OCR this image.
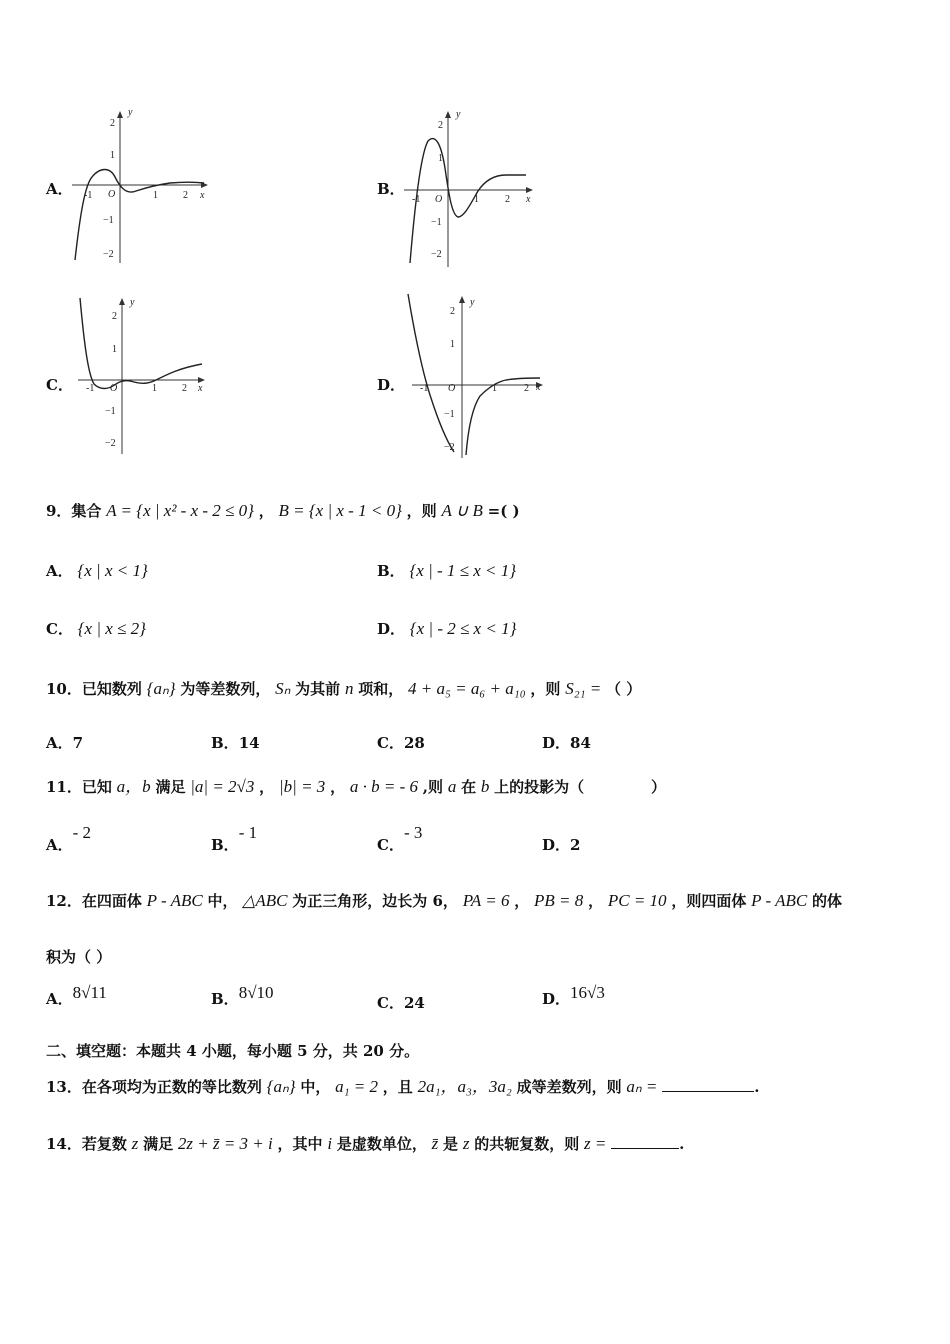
A．
y
x
O
2
1
−1
−2
-1	1	2	B．
y
x
O
2
1
−1
−2
-1	1	2
C．
y
x
O
2
1
−1
−2
-1	1	2	D．
y
x
O
2
1
−1
−2
-1	1	2
9．集合 A = {x | x² - x - 2 ≤ 0} ， B = {x | x - 1 < 0} ，则 A ∪ B =( )
A． {x | x < 1}	B． {x | - 1 ≤ x < 1}
C． {x | x ≤ 2}	D． {x | - 2 ≤ x < 1}
10．已知数列 {aₙ} 为等差数列， Sₙ 为其前 n 项和， 4 + a₅ = a₆ + a₁₀ ，则 S₂₁ = （ ）
A．7	B．14	C．28	D．84
11．已知 a，b 满足 |a| = 2√3 ， |b| = 3 ， a · b = - 6 ,则 a 在 b 上的投影为（	）
A．- 2
B．- 1
C．- 3
D．2
12．在四面体 P - ABC 中， △ABC 为正三角形，边长为 6， PA = 6 ， PB = 8 ， PC = 10 ，则四面体 P - ABC 的体
积为（ ）
A．8√11	B．8√10
C．24	D．16√3
二、填空题：本题共 4 小题，每小题 5 分，共 20 分。
13．在各项均为正数的等比数列 {aₙ} 中， a₁ = 2 ，且 2a₁，a₃，3a₂ 成等差数列，则 aₙ =	.
14．若复数 z 满足 2z + z̄ = 3 + i ，其中 i 是虚数单位， z̄ 是 z 的共轭复数，则 z =	.
